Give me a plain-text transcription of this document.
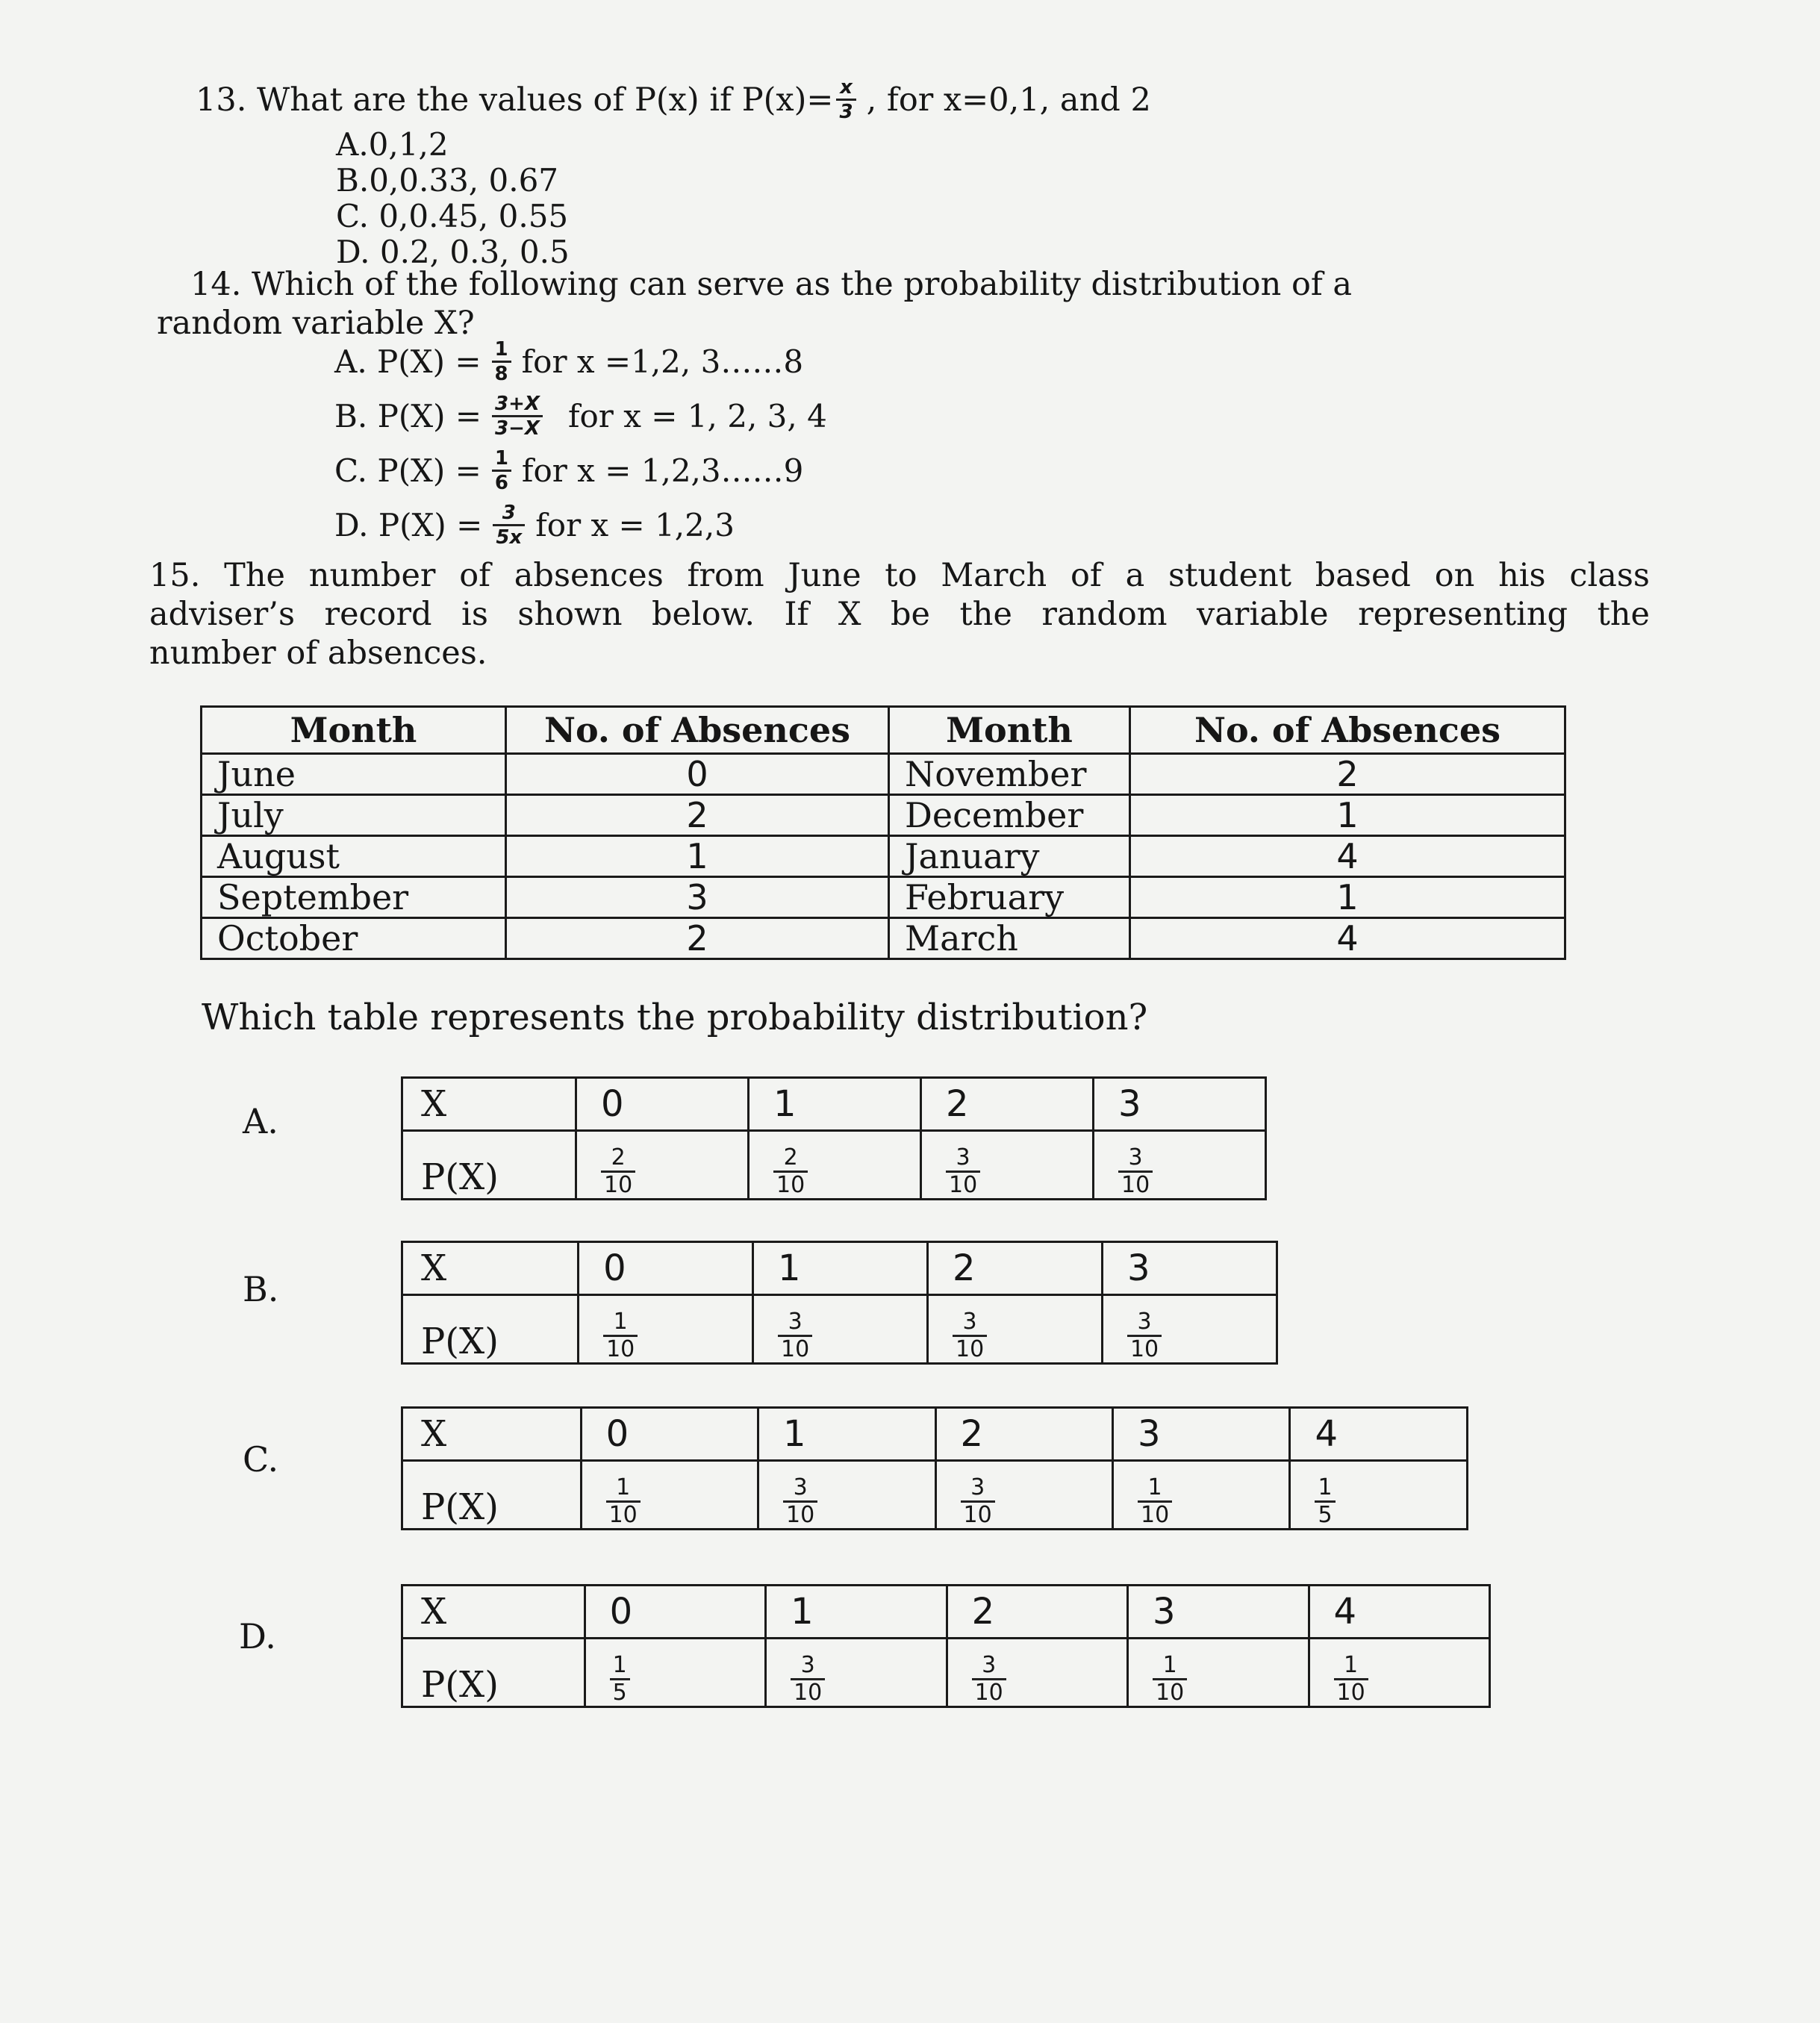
13. What are the values of P(x) if $P(x)= \frac{x}{3}$ , for x=0,1, and 2
A.0,1,2
B.0,0.33, 0.67
C. 0,0.45, 0.55
D. 0.2, 0.3, 0.5
14. Which of the following can serve as the probability distribution of a
random variable X?
A. $P(X) = \frac{1}{8}$ for x =1,2, 3……8
B. $P(X) = \frac{3+X}{3-X}$ for x = 1, 2, 3, 4
C. $P(X) = \frac{1}{6}$ for x = 1,2,3……9
D. $P(X) = \frac{3}{5x}$ for x = 1,2,3
15. The number of absences from June to March of a student based on his class
adviser’s record is shown below. If X be the random variable representing the
number of absences.
Month	No. of Absences	Month	No. of Absences
June	0	November	2
July	2	December	1
August	1	January	4
September	3	February	1
October	2	March	4
Which table represents the probability distribution?
A.	X	0	1	2	3
P(X)	$\frac{2}{10}$	$\frac{2}{10}$	$\frac{3}{10}$	$\frac{3}{10}$
B.	X	0	1	2	3
P(X)	$\frac{1}{10}$	$\frac{3}{10}$	$\frac{3}{10}$	$\frac{3}{10}$
C.
X	0	1	2	3	4
P(X)	$\frac{1}{10}$	$\frac{3}{10}$	$\frac{3}{10}$	$\frac{1}{10}$	$\frac{1}{5}$
D.
X	0	1	2	3	4
P(X)	$\frac{1}{5}$	$\frac{3}{10}$	$\frac{3}{10}$	$\frac{1}{10}$	$\frac{1}{10}$
